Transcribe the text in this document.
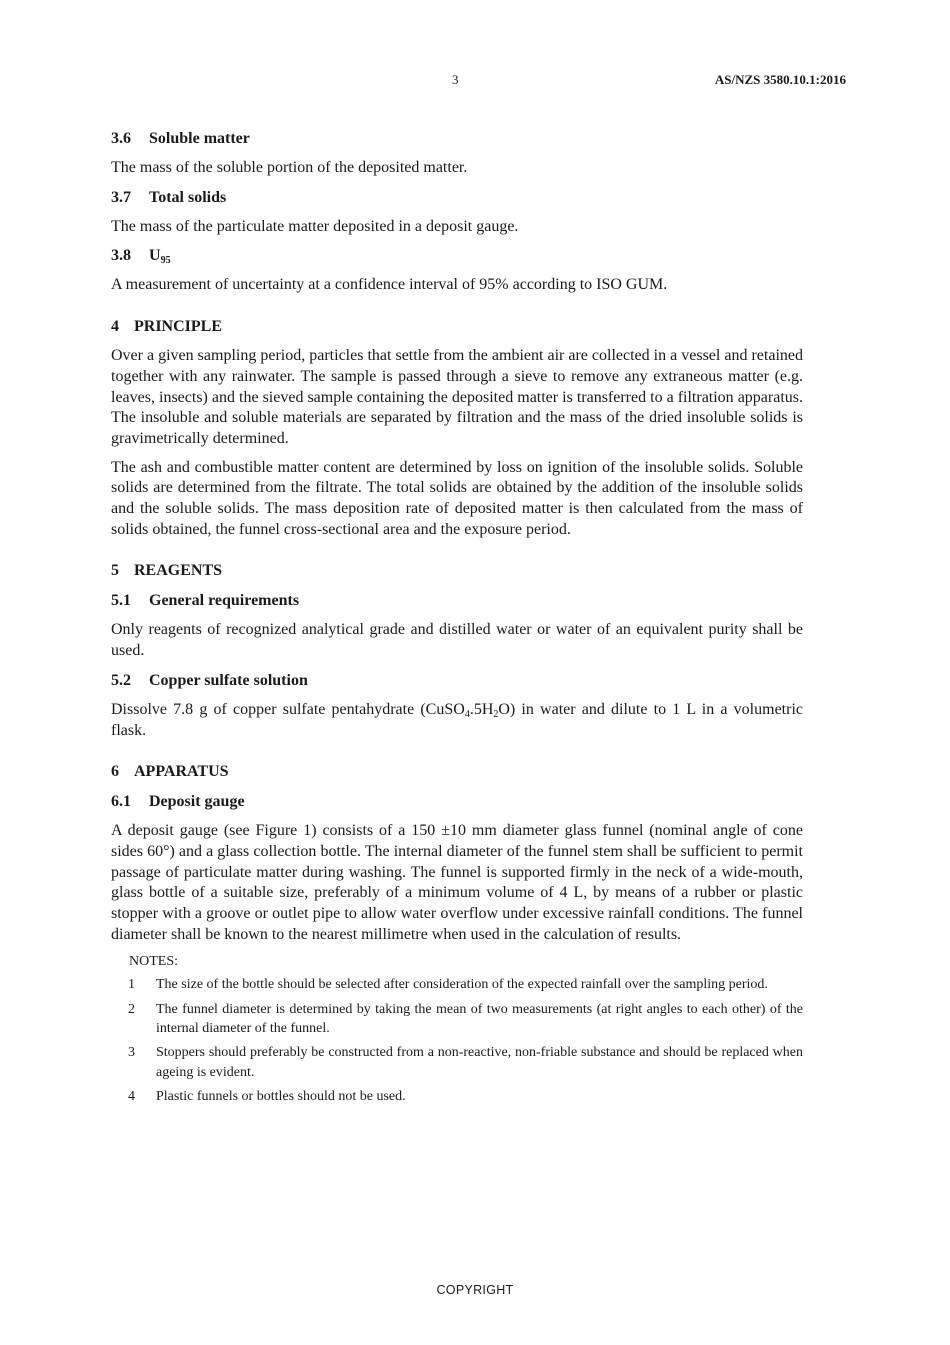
3	AS/NZS 3580.10.1:2016
3.6 Soluble matter

The mass of the soluble portion of the deposited matter.

3.7 Total solids

The mass of the particulate matter deposited in a deposit gauge.

3.8 $U_{95}$

A measurement of uncertainty at a confidence interval of 95% according to ISO GUM.

4 PRINCIPLE

Over a given sampling period, particles that settle from the ambient air are collected in a vessel and retained together with any rainwater. The sample is passed through a sieve to remove any extraneous matter (e.g. leaves, insects) and the sieved sample containing the deposited matter is transferred to a filtration apparatus. The insoluble and soluble materials are separated by filtration and the mass of the dried insoluble solids is gravimetrically determined.

The ash and combustible matter content are determined by loss on ignition of the insoluble solids. Soluble solids are determined from the filtrate. The total solids are obtained by the addition of the insoluble solids and the soluble solids. The mass deposition rate of deposited matter is then calculated from the mass of solids obtained, the funnel cross-sectional area and the exposure period.

5 REAGENTS
5.1 General requirements

Only reagents of recognized analytical grade and distilled water or water of an equivalent purity shall be used.

5.2 Copper sulfate solution

Dissolve 7.8 g of copper sulfate pentahydrate $(CuSO_4.5H_2O)$ in water and dilute to 1 L in a volumetric flask.

6 APPARATUS
6.1 Deposit gauge

A deposit gauge (see Figure 1) consists of a 150 ±10 mm diameter glass funnel (nominal angle of cone sides 60°) and a glass collection bottle. The internal diameter of the funnel stem shall be sufficient to permit passage of particulate matter during washing. The funnel is supported firmly in the neck of a wide-mouth, glass bottle of a suitable size, preferably of a minimum volume of 4 L, by means of a rubber or plastic stopper with a groove or outlet pipe to allow water overflow under excessive rainfall conditions. The funnel diameter shall be known to the nearest millimetre when used in the calculation of results.

NOTES:
1	The size of the bottle should be selected after consideration of the expected rainfall over the sampling period.
2	The funnel diameter is determined by taking the mean of two measurements (at right angles to each other) of the internal diameter of the funnel.
3	Stoppers should preferably be constructed from a non-reactive, non-friable substance and should be replaced when ageing is evident.
4	Plastic funnels or bottles should not be used.
COPYRIGHT
